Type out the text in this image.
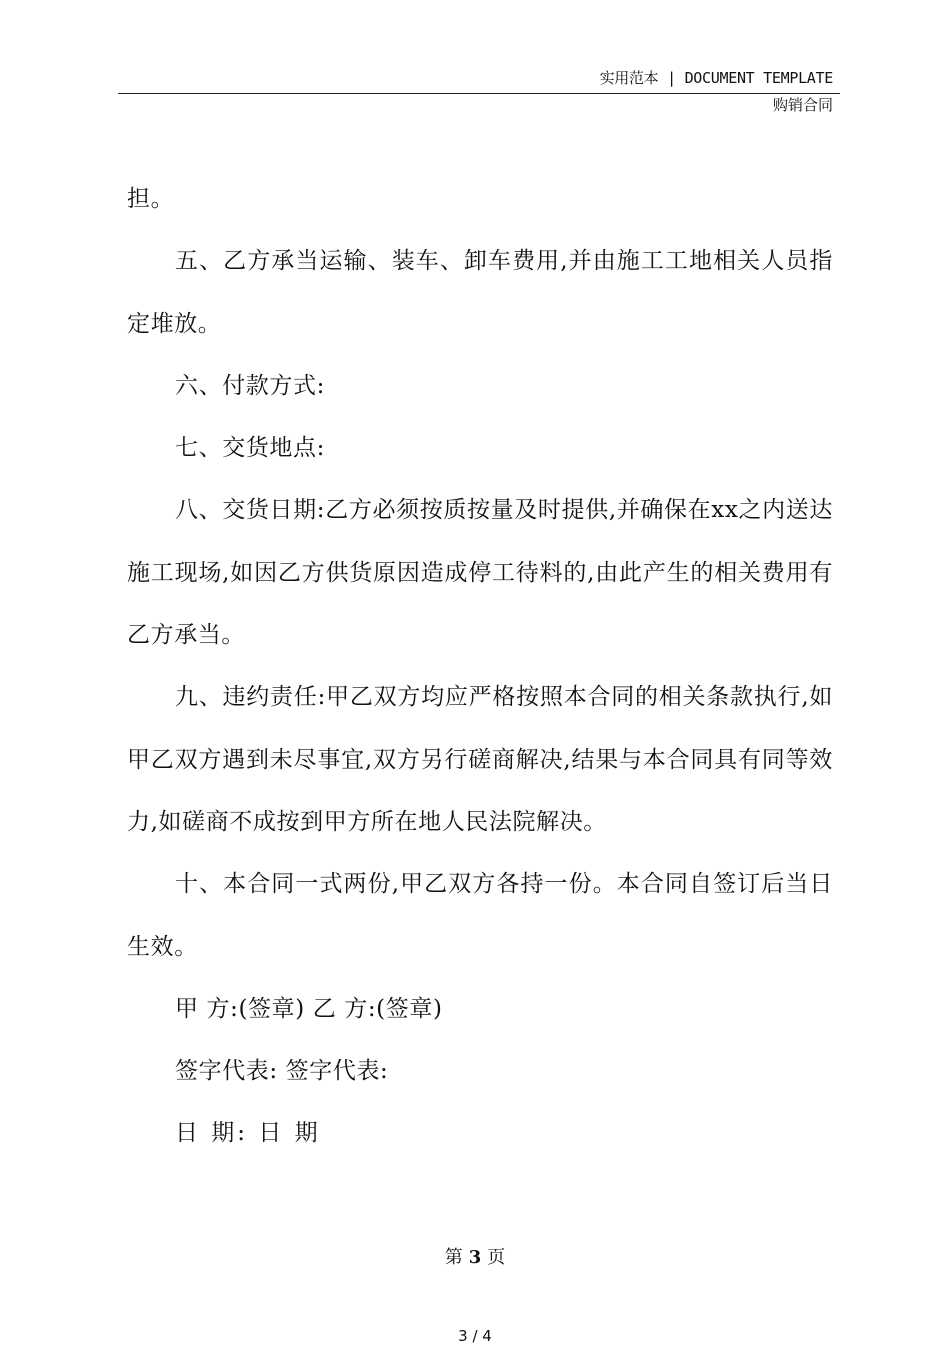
实用范本 | DOCUMENT TEMPLATE
购销合同

担。

五、乙方承当运输、装车、卸车费用,并由施工工地相关人员指定堆放。

六、付款方式:

七、交货地点:

八、交货日期:乙方必须按质按量及时提供,并确保在xx之内送达施工现场,如因乙方供货原因造成停工待料的,由此产生的相关费用有乙方承当。

九、违约责任:甲乙双方均应严格按照本合同的相关条款执行,如甲乙双方遇到未尽事宜,双方另行磋商解决,结果与本合同具有同等效力,如磋商不成按到甲方所在地人民法院解决。

十、本合同一式两份,甲乙双方各持一份。本合同自签订后当日生效。

甲 方:(签章) 乙 方:(签章)

签字代表: 签字代表:

日 期: 日 期

第 3 页
3 / 4
